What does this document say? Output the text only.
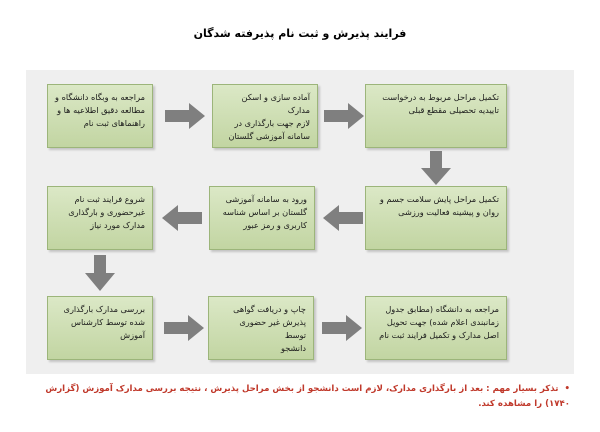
فرایند پذیرش و ثبت نام پذیرفته شدگان
مراجعه به وبگاه دانشگاه و
مطالعه دقیق اطلاعیه ها و
راهنماهای ثبت نام
آماده سازی و اسکن مدارک
لازم جهت بارگذاری در
سامانه آموزشی گلستان
تکمیل مراحل مربوط به درخواست
تاییدیه تحصیلی مقطع قبلی
تکمیل مراحل پایش سلامت جسم و
روان و پیشینه فعالیت ورزشی
ورود به سامانه آموزشی
گلستان بر اساس شناسه
کاربری و رمز عبور
شروع فرایند ثبت نام
غیرحضوری و بارگذاری
مدارک مورد نیاز
بررسی مدارک بارگذاری
شده توسط کارشناس
آموزش
چاپ و دریافت گواهی
پذیرش غیر حضوری توسط
دانشجو
مراجعه به دانشگاه (مطابق جدول
زمانبندی اعلام شده) جهت تحویل
اصل مدارک و تکمیل فرایند ثبت نام
•تذکر بسیار مهم : بعد از بارگذاری مدارک، لازم است دانشجو از بخش مراحل پذیرش ، نتیجه بررسی مدارک آموزش (گزارش ۱۷۴۰) را مشاهده کند.
